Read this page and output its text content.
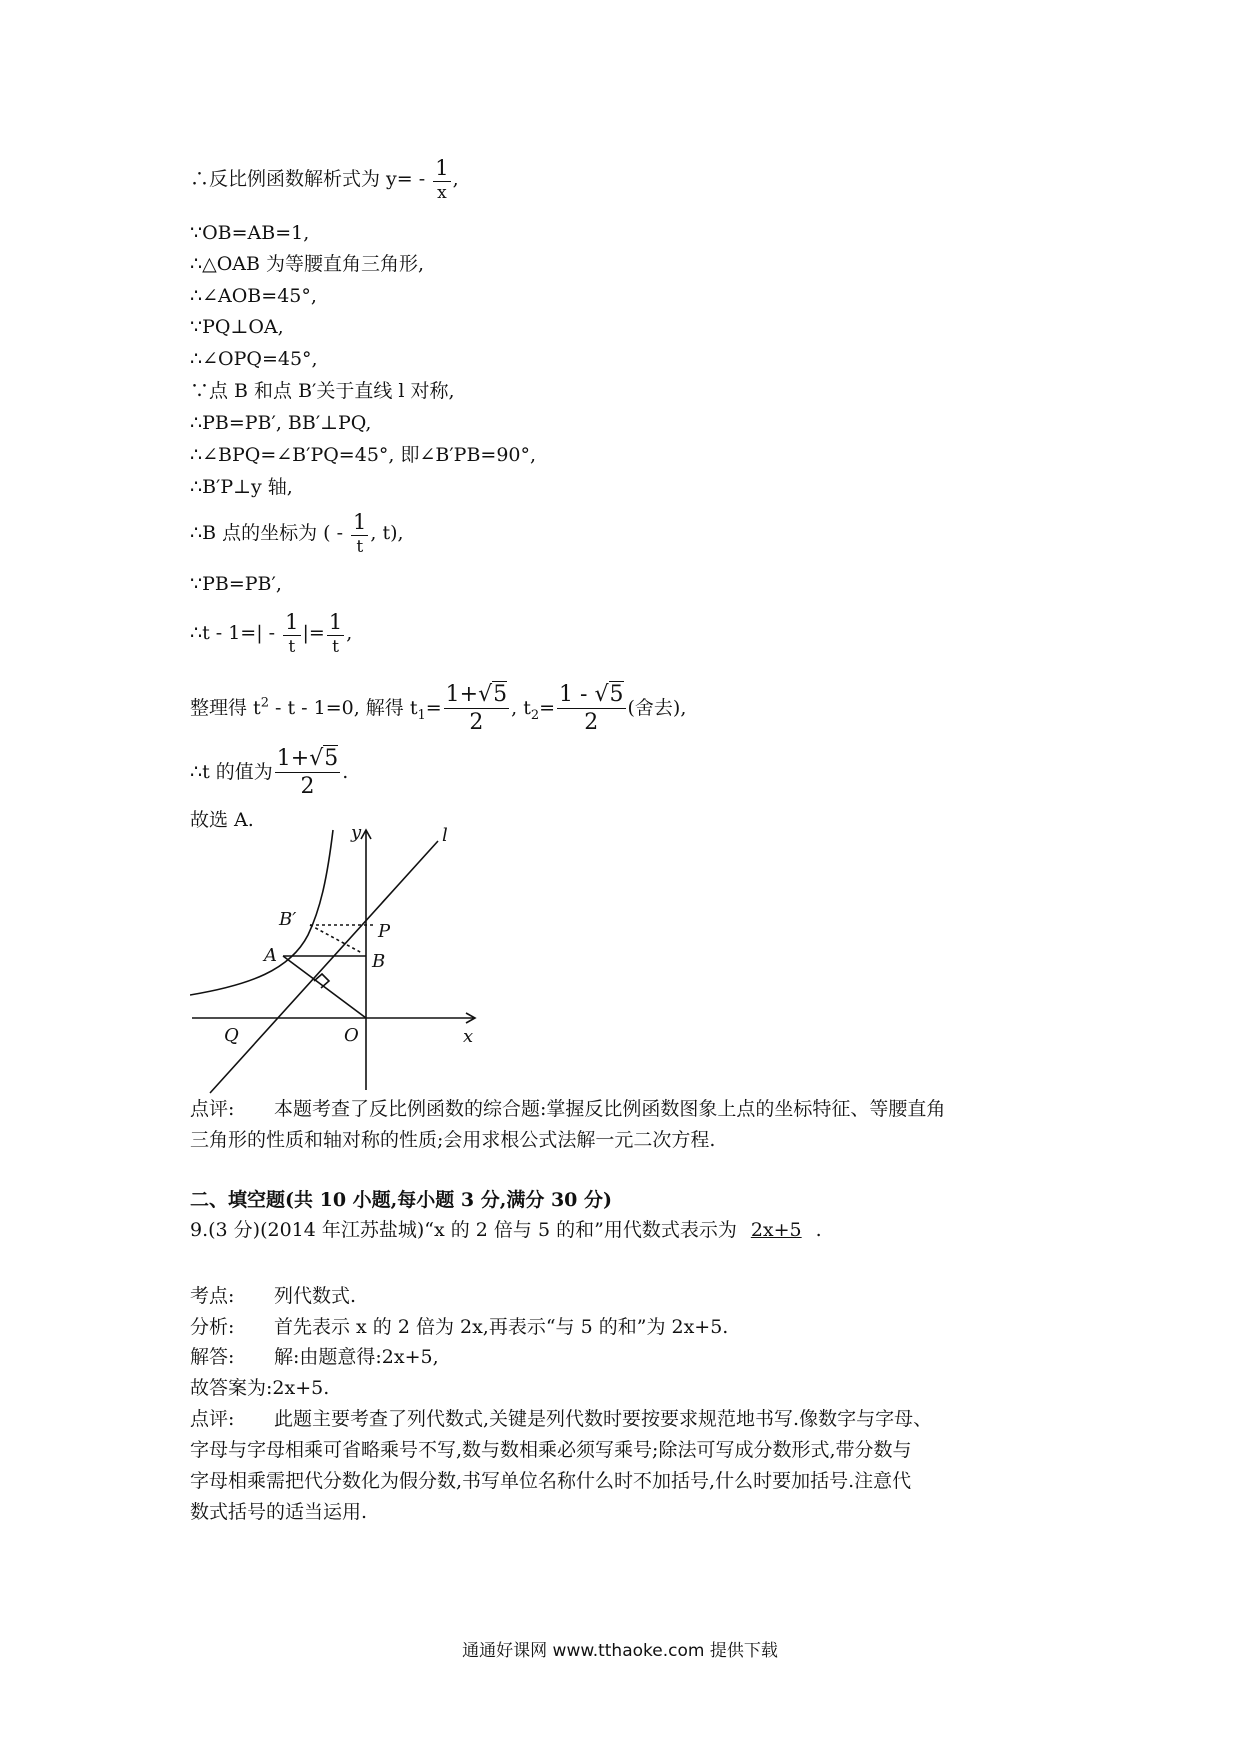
∴反比例函数解析式为 $y= - \frac{1}{x}$ ,
∵OB=AB=1,
∴△OAB 为等腰直角三角形,
∴∠AOB=45°,
∵PQ⊥OA,
∴∠OPQ=45°,
∵点 B 和点 B′关于直线 l 对称,
∴PB=PB′, BB′⊥PQ,
∴∠BPQ=∠B′PQ=45°, 即∠B′PB=90°,
∴B′P⊥y 轴,
∴B 点的坐标为 ( - $\frac{1}{t}$ , t),
∵PB=PB′,
∴t - $1=| - \frac{1}{t}$ |= $\frac{1}{t}$ ,
整理得 $t^2 - t - 1=0$, 解得 $t_1= \frac{1+√5}{2}$ , $t_2= \frac{1 - √5}{2}$ (舍去),
∴t 的值为 $\frac{1+√5}{2}$ .
故选 A.
y
x
l
B′
P
A	B
Q	O
点评: 本题考查了反比例函数的综合题:掌握反比例函数图象上点的坐标特征、等腰直角
三角形的性质和轴对称的性质;会用求根公式法解一元二次方程.
二、填空题(共 10 小题,每小题 3 分,满分 30 分)
9.(3 分)(2014 年江苏盐城)“x 的 2 倍与 5 的和”用代数式表示为 2x+5 .
考点: 列代数式.
分析: 首先表示 x 的 2 倍为 2x,再表示“与 5 的和”为 2x+5.
解答: 解:由题意得:2x+5,
故答案为:2x+5.
点评: 此题主要考查了列代数式,关键是列代数时要按要求规范地书写.像数字与字母、
字母与字母相乘可省略乘号不写,数与数相乘必须写乘号;除法可写成分数形式,带分数与
字母相乘需把代分数化为假分数,书写单位名称什么时不加括号,什么时要加括号.注意代
数式括号的适当运用.
通通好课网 www.tthaoke.com 提供下载
